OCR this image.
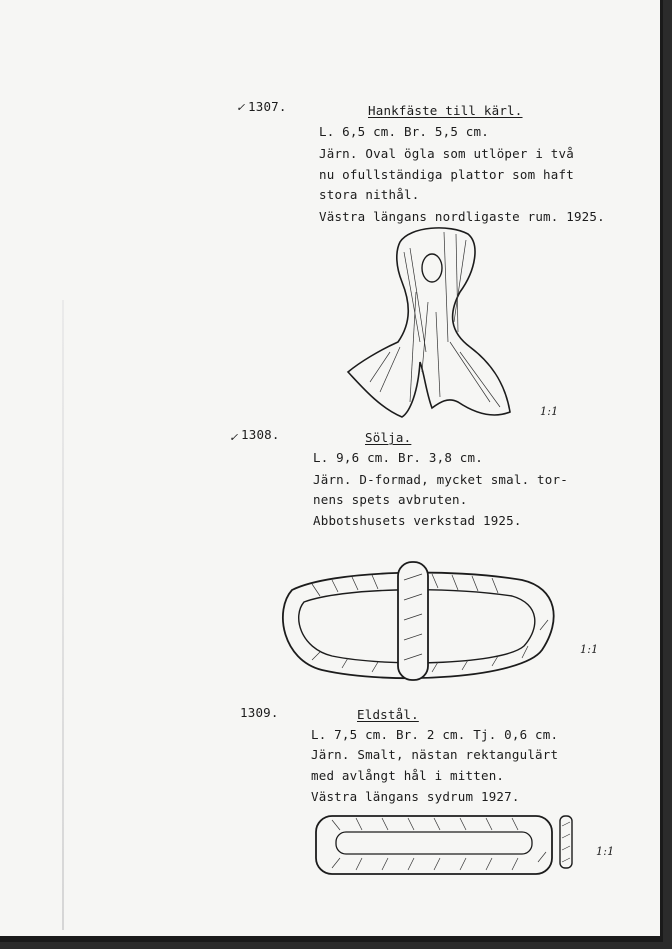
✓ 1307.	Hankfäste till kärl.
L. 6,5 cm. Br. 5,5 cm.
Järn. Oval ögla som utlöper i två
nu ofullständiga plattor som haft
stora nithål.
Västra längans nordligaste rum. 1925.
1:1
✓ 1308.	Sölja.
L. 9,6 cm. Br. 3,8 cm.
Järn. D-formad, mycket smal. tor-
nens spets avbruten.
Abbotshusets verkstad 1925.
1:1
1309.	Eldstål.
L. 7,5 cm. Br. 2 cm. Tj. 0,6 cm.
Järn. Smalt, nästan rektangulärt
med avlångt hål i mitten.
Västra längans sydrum 1927.
1:1
